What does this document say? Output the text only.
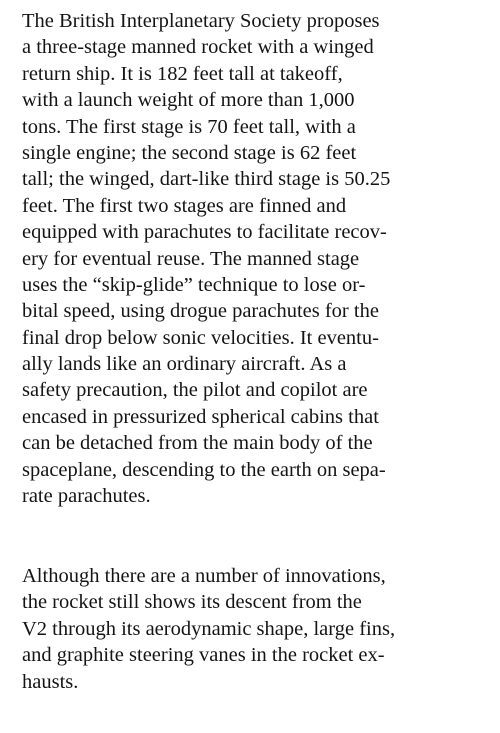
The British Interplanetary Society proposes
a three-stage manned rocket with a winged
return ship. It is 182 feet tall at takeoff,
with a launch weight of more than 1,000
tons. The first stage is 70 feet tall, with a
single engine; the second stage is 62 feet
tall; the winged, dart-like third stage is 50.25
feet. The first two stages are finned and
equipped with parachutes to facilitate recov-
ery for eventual reuse. The manned stage
uses the “skip-glide” technique to lose or-
bital speed, using drogue parachutes for the
final drop below sonic velocities. It eventu-
ally lands like an ordinary aircraft. As a
safety precaution, the pilot and copilot are
encased in pressurized spherical cabins that
can be detached from the main body of the
spaceplane, descending to the earth on sepa-
rate parachutes.

Although there are a number of innovations,
the rocket still shows its descent from the
V2 through its aerodynamic shape, large fins,
and graphite steering vanes in the rocket ex-
hausts.
